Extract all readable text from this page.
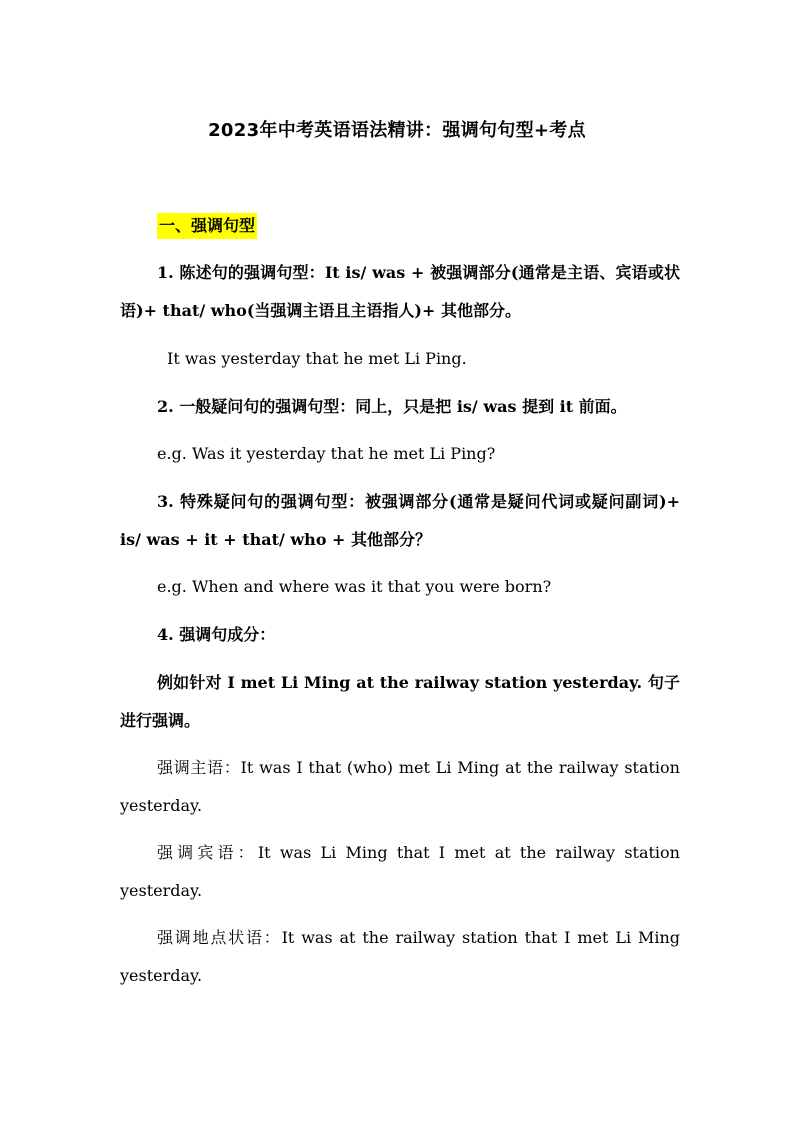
2023年中考英语语法精讲：强调句句型+考点
一、强调句型

1. 陈述句的强调句型：It is/ was + 被强调部分(通常是主语、宾语或状语)+ that/ who(当强调主语且主语指人)+ 其他部分。

It was yesterday that he met Li Ping.

2. 一般疑问句的强调句型：同上，只是把 is/ was 提到 it 前面。

e.g. Was it yesterday that he met Li Ping?

3. 特殊疑问句的强调句型：被强调部分(通常是疑问代词或疑问副词)+ is/ was + it + that/ who + 其他部分？

e.g. When and where was it that you were born?

4. 强调句成分：

例如针对 I met Li Ming at the railway station yesterday. 句子进行强调。

强调主语：It was I that (who) met Li Ming at the railway station yesterday.

强调宾语：It was Li Ming that I met at the railway station yesterday.

强调地点状语：It was at the railway station that I met Li Ming yesterday.
